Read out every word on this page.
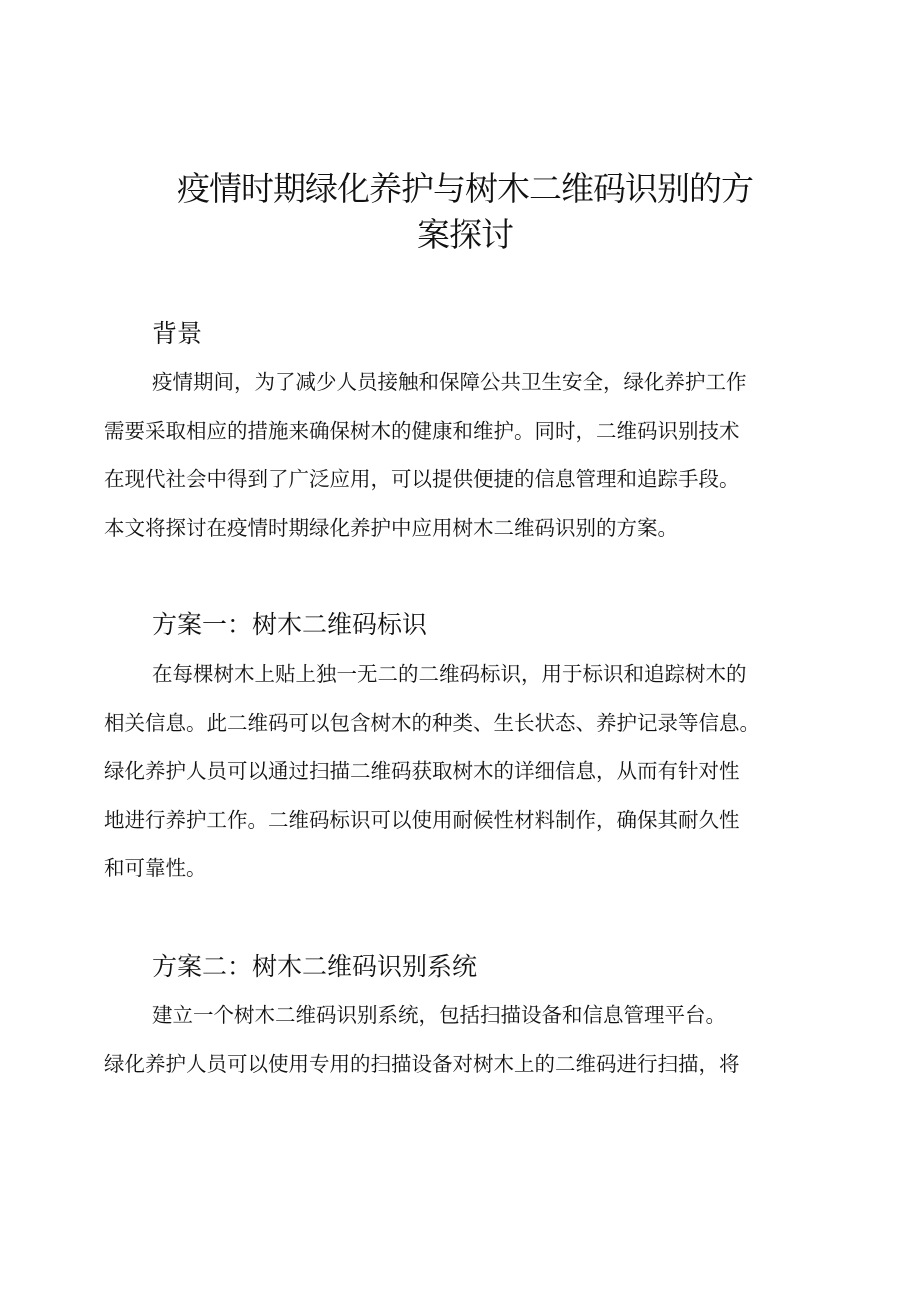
疫情时期绿化养护与树木二维码识别的方
案探讨
背景
疫情期间，为了减少人员接触和保障公共卫生安全，绿化养护工作
需要采取相应的措施来确保树木的健康和维护。同时，二维码识别技术
在现代社会中得到了广泛应用，可以提供便捷的信息管理和追踪手段。
本文将探讨在疫情时期绿化养护中应用树木二维码识别的方案。
方案一：树木二维码标识
在每棵树木上贴上独一无二的二维码标识，用于标识和追踪树木的
相关信息。此二维码可以包含树木的种类、生长状态、养护记录等信息。
绿化养护人员可以通过扫描二维码获取树木的详细信息，从而有针对性
地进行养护工作。二维码标识可以使用耐候性材料制作，确保其耐久性
和可靠性。
方案二：树木二维码识别系统
建立一个树木二维码识别系统，包括扫描设备和信息管理平台。
绿化养护人员可以使用专用的扫描设备对树木上的二维码进行扫描，将
